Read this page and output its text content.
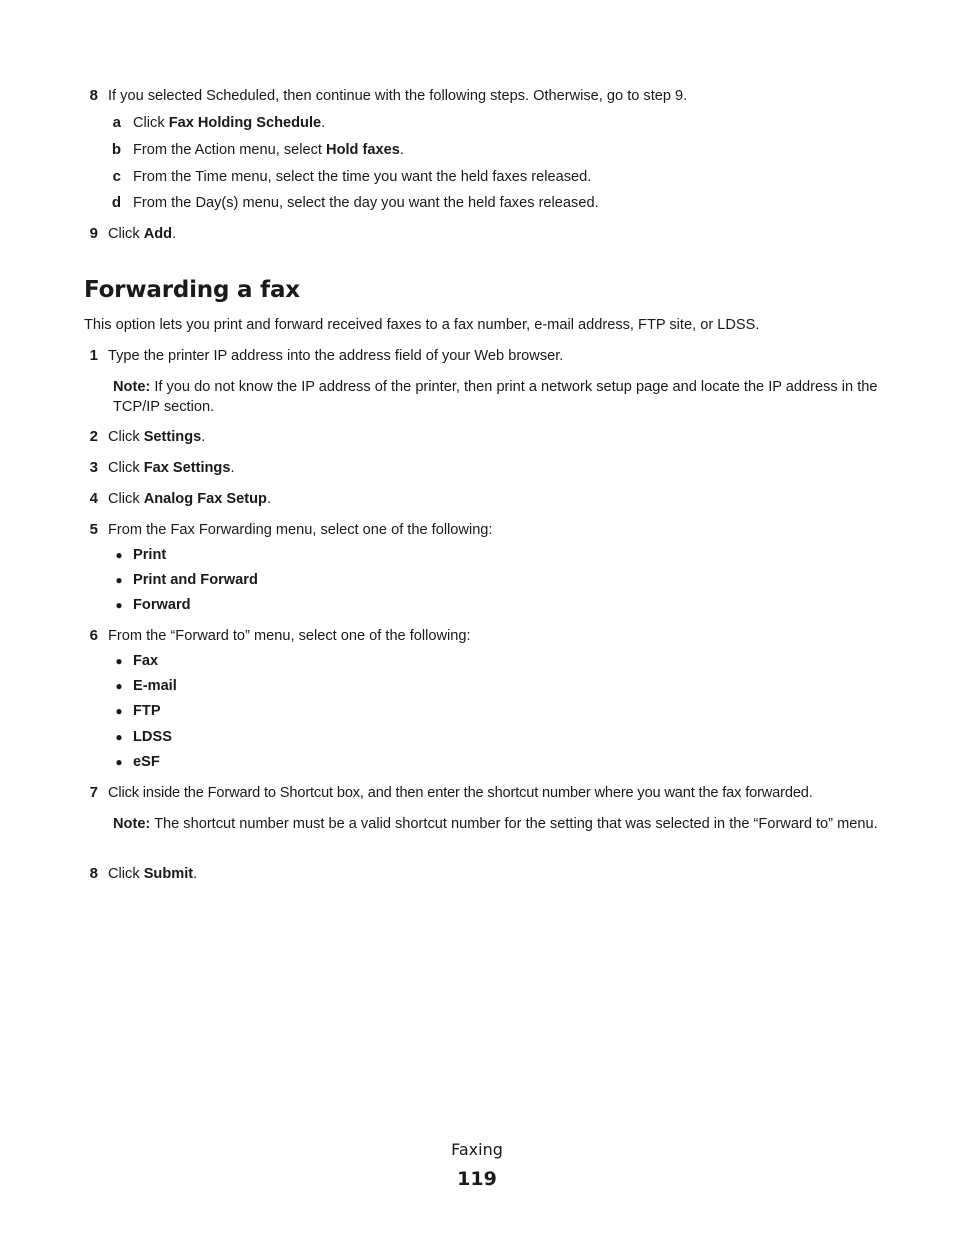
8 If you selected Scheduled, then continue with the following steps. Otherwise, go to step 9.
a Click Fax Holding Schedule.
b From the Action menu, select Hold faxes.
c From the Time menu, select the time you want the held faxes released.
d From the Day(s) menu, select the day you want the held faxes released.
9 Click Add.
Forwarding a fax
This option lets you print and forward received faxes to a fax number, e-mail address, FTP site, or LDSS.
1 Type the printer IP address into the address field of your Web browser.
Note: If you do not know the IP address of the printer, then print a network setup page and locate the IP address in the TCP/IP section.
2 Click Settings.
3 Click Fax Settings.
4 Click Analog Fax Setup.
5 From the Fax Forwarding menu, select one of the following:
● Print
● Print and Forward
● Forward
6 From the “Forward to” menu, select one of the following:
● Fax
● E-mail
● FTP
● LDSS
● eSF
7 Click inside the Forward to Shortcut box, and then enter the shortcut number where you want the fax forwarded.
Note: The shortcut number must be a valid shortcut number for the setting that was selected in the “Forward to” menu.
8 Click Submit.
Faxing
119
